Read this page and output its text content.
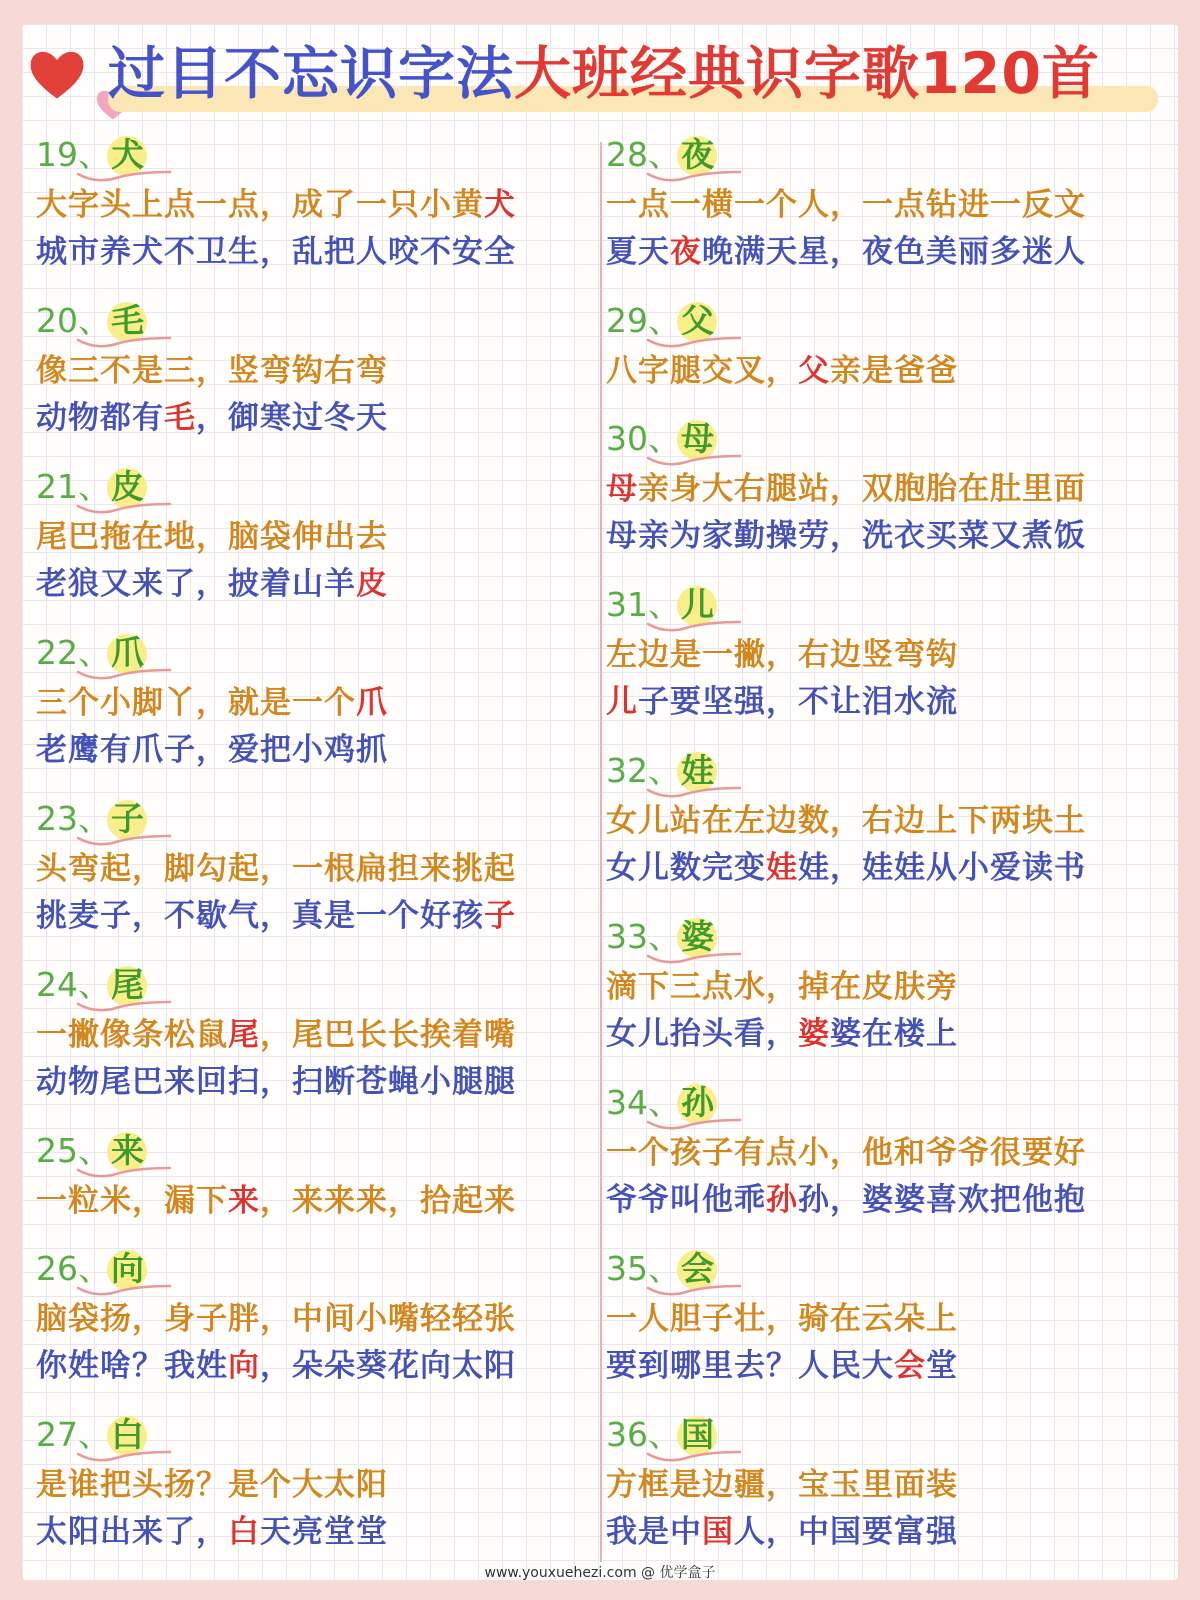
过目不忘识字法大班经典识字歌120首
19、犬
大字头上点一点，成了一只小黄犬
城市养犬不卫生，乱把人咬不安全
20、毛
像三不是三，竖弯钩右弯
动物都有毛，御寒过冬天
21、皮
尾巴拖在地，脑袋伸出去
老狼又来了，披着山羊皮
22、爪
三个小脚丫，就是一个爪
老鹰有爪子，爱把小鸡抓
23、子
头弯起，脚勾起，一根扁担来挑起
挑麦子，不歇气，真是一个好孩子
24、尾
一撇像条松鼠尾，尾巴长长挨着嘴
动物尾巴来回扫，扫断苍蝇小腿腿
25、来
一粒米，漏下来，来来来，拾起来
26、向
脑袋扬，身子胖，中间小嘴轻轻张
你姓啥？我姓向，朵朵葵花向太阳
27、白
是谁把头扬？是个大太阳
太阳出来了，白天亮堂堂
28、夜
一点一横一个人，一点钻进一反文
夏天夜晚满天星，夜色美丽多迷人
29、父
八字腿交叉，父亲是爸爸
30、母
母亲身大右腿站，双胞胎在肚里面
母亲为家勤操劳，洗衣买菜又煮饭
31、儿
左边是一撇，右边竖弯钩
儿子要坚强，不让泪水流
32、娃
女儿站在左边数，右边上下两块土
女儿数完变娃娃，娃娃从小爱读书
33、婆
滴下三点水，掉在皮肤旁
女儿抬头看，婆婆在楼上
34、孙
一个孩子有点小，他和爷爷很要好
爷爷叫他乖孙孙，婆婆喜欢把他抱
35、会
一人胆子壮，骑在云朵上
要到哪里去？人民大会堂
36、国
方框是边疆，宝玉里面装
我是中国人，中国要富强
www.youxuehezi.com @ 优学盒子
